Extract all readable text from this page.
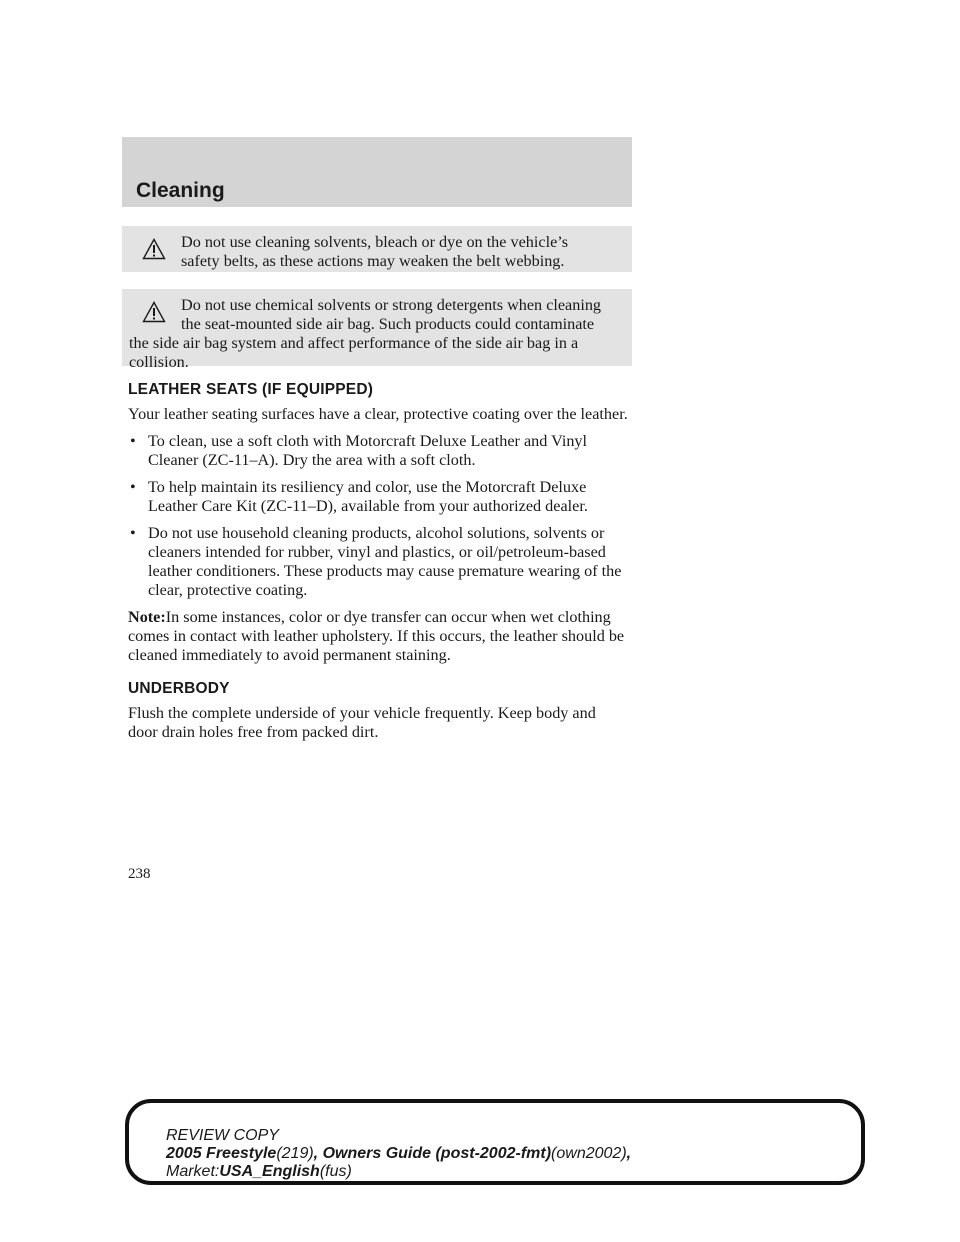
Cleaning
Do not use cleaning solvents, bleach or dye on the vehicle’s
safety belts, as these actions may weaken the belt webbing.
Do not use chemical solvents or strong detergents when cleaning
the seat-mounted side air bag. Such products could contaminate
the side air bag system and affect performance of the side air bag in a collision.
LEATHER SEATS (IF EQUIPPED)

Your leather seating surfaces have a clear, protective coating over the leather.

• To clean, use a soft cloth with Motorcraft Deluxe Leather and Vinyl Cleaner (ZC-11–A). Dry the area with a soft cloth.
• To help maintain its resiliency and color, use the Motorcraft Deluxe Leather Care Kit (ZC-11–D), available from your authorized dealer.
• Do not use household cleaning products, alcohol solutions, solvents or cleaners intended for rubber, vinyl and plastics, or oil/petroleum-based leather conditioners. These products may cause premature wearing of the clear, protective coating.

Note:In some instances, color or dye transfer can occur when wet clothing comes in contact with leather upholstery. If this occurs, the leather should be cleaned immediately to avoid permanent staining.

UNDERBODY

Flush the complete underside of your vehicle frequently. Keep body and door drain holes free from packed dirt.

238
REVIEW COPY
2005 Freestyle(219), Owners Guide (post-2002-fmt)(own2002),
Market:USA_English(fus)
